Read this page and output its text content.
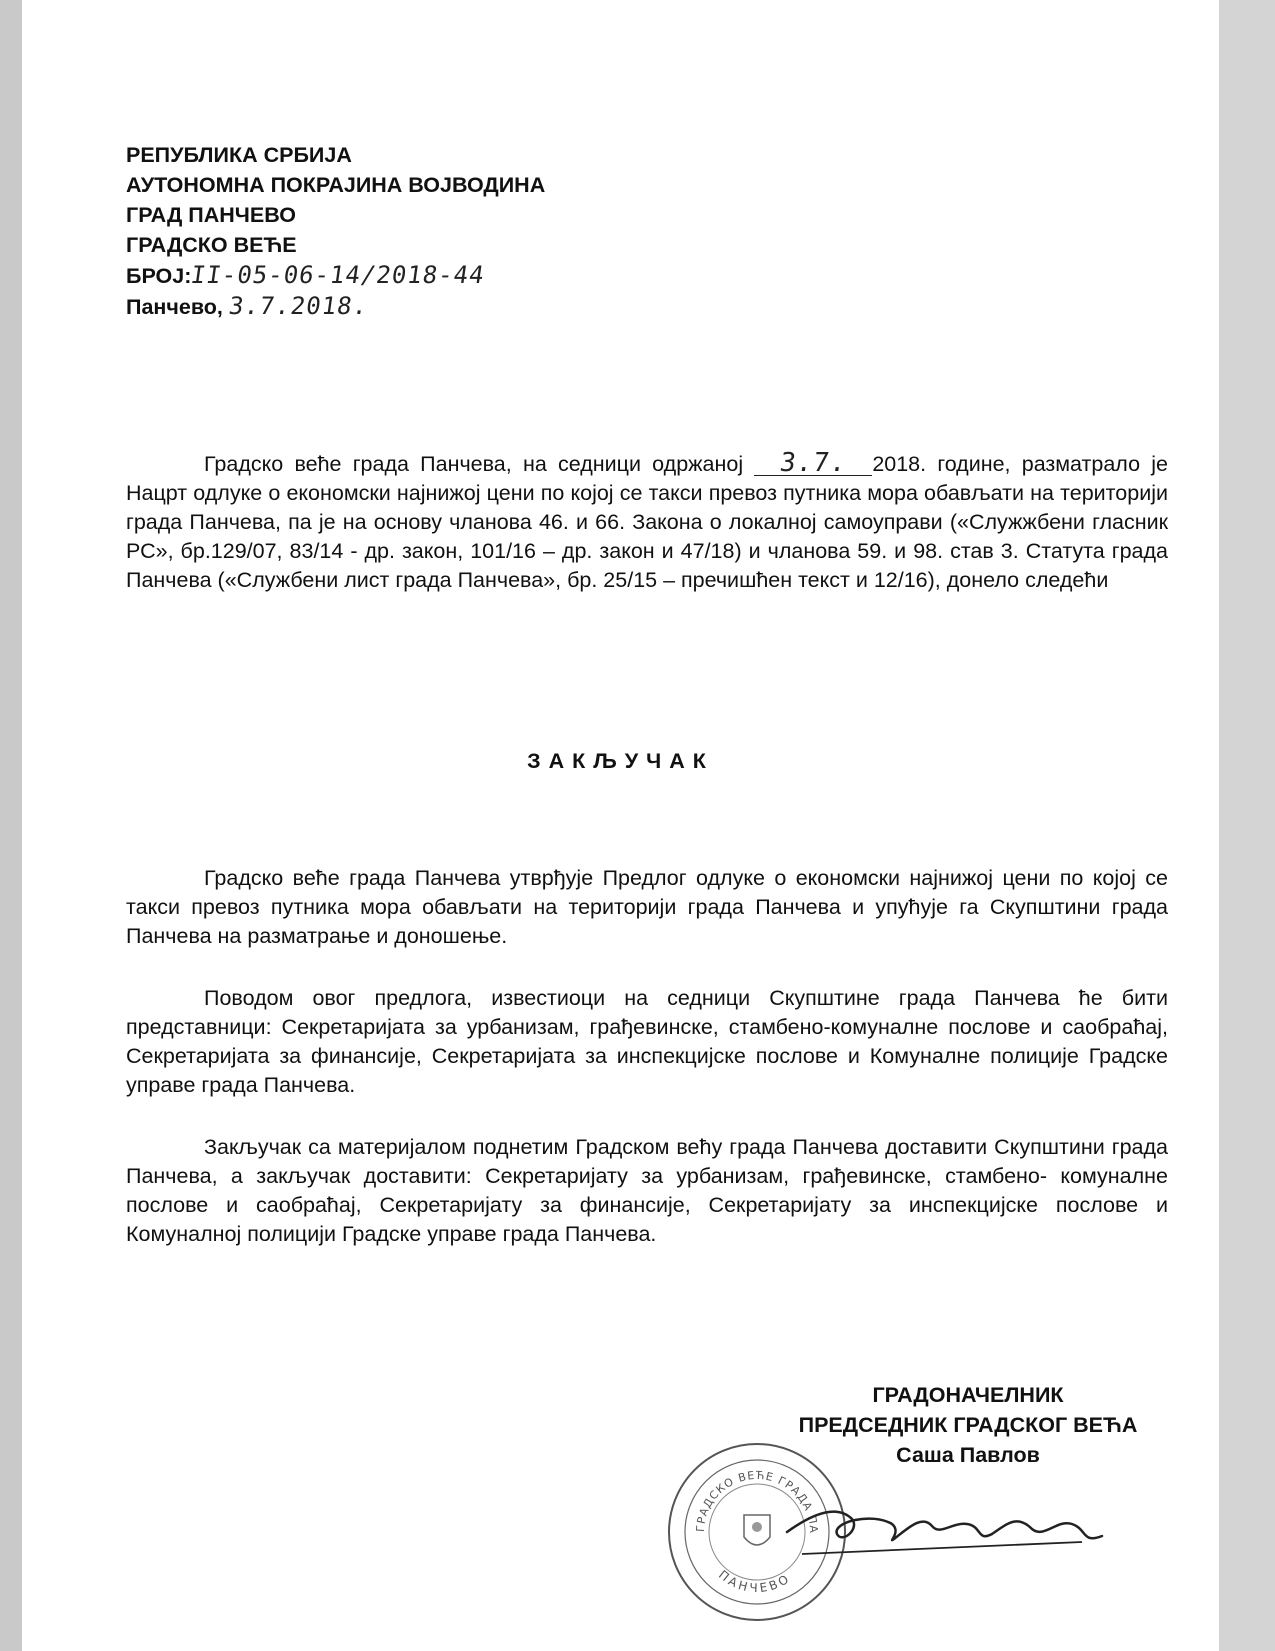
РЕПУБЛИКА СРБИЈА
АУТОНОМНА ПОКРАЈИНА ВОЈВОДИНА
ГРАД ПАНЧЕВО
ГРАДСКО ВЕЋЕ
БРОЈ:II-05-06-14/2018-44
Панчево, 3.7.2018.
Градско веће града Панчева, на седници одржаној 3.7. 2018. године, разматрало је Нацрт одлуке о економски најнижој цени по којој се такси превоз путника мора обављати на територији града Панчева, па је на основу чланова 46. и 66. Закона о локалној самоуправи («Служжбени гласник РС», бр.129/07, 83/14 - др. закон, 101/16 – др. закон и 47/18) и чланова 59. и 98. став 3. Статута града Панчева («Службени лист града Панчева», бр. 25/15 – пречишћен текст и 12/16), донело следећи
ЗАКЉУЧАК
Градско веће града Панчева утврђује Предлог одлуке о економски најнижој цени по којој се такси превоз путника мора обављати на територији града Панчева и упућује га Скупштини града Панчева на разматрање и доношење.
Поводом овог предлога, известиоци на седници Скупштине града Панчева ће бити представници: Секретаријата за урбанизам, грађевинске, стамбено-комуналне послове и саобраћај, Секретаријата за финансије, Секретаријата за инспекцијске послове и Комуналне полиције Градске управе града Панчева.
Закључак са материјалом поднетим Градском већу града Панчева доставити Скупштини града Панчева, а закључак доставити: Секретаријату за урбанизам, грађевинске, стамбено- комуналне послове и саобраћај, Секретаријату за финансије, Секретаријату за инспекцијске послове и Комуналној полицији Градске управе града Панчева.
ГРАДСКО ВЕЋЕ ГРАДА ПА
ПАНЧЕВО
ГРАДОНАЧЕЛНИК
ПРЕДСЕДНИК ГРАДСКОГ ВЕЋА
Саша Павлов
